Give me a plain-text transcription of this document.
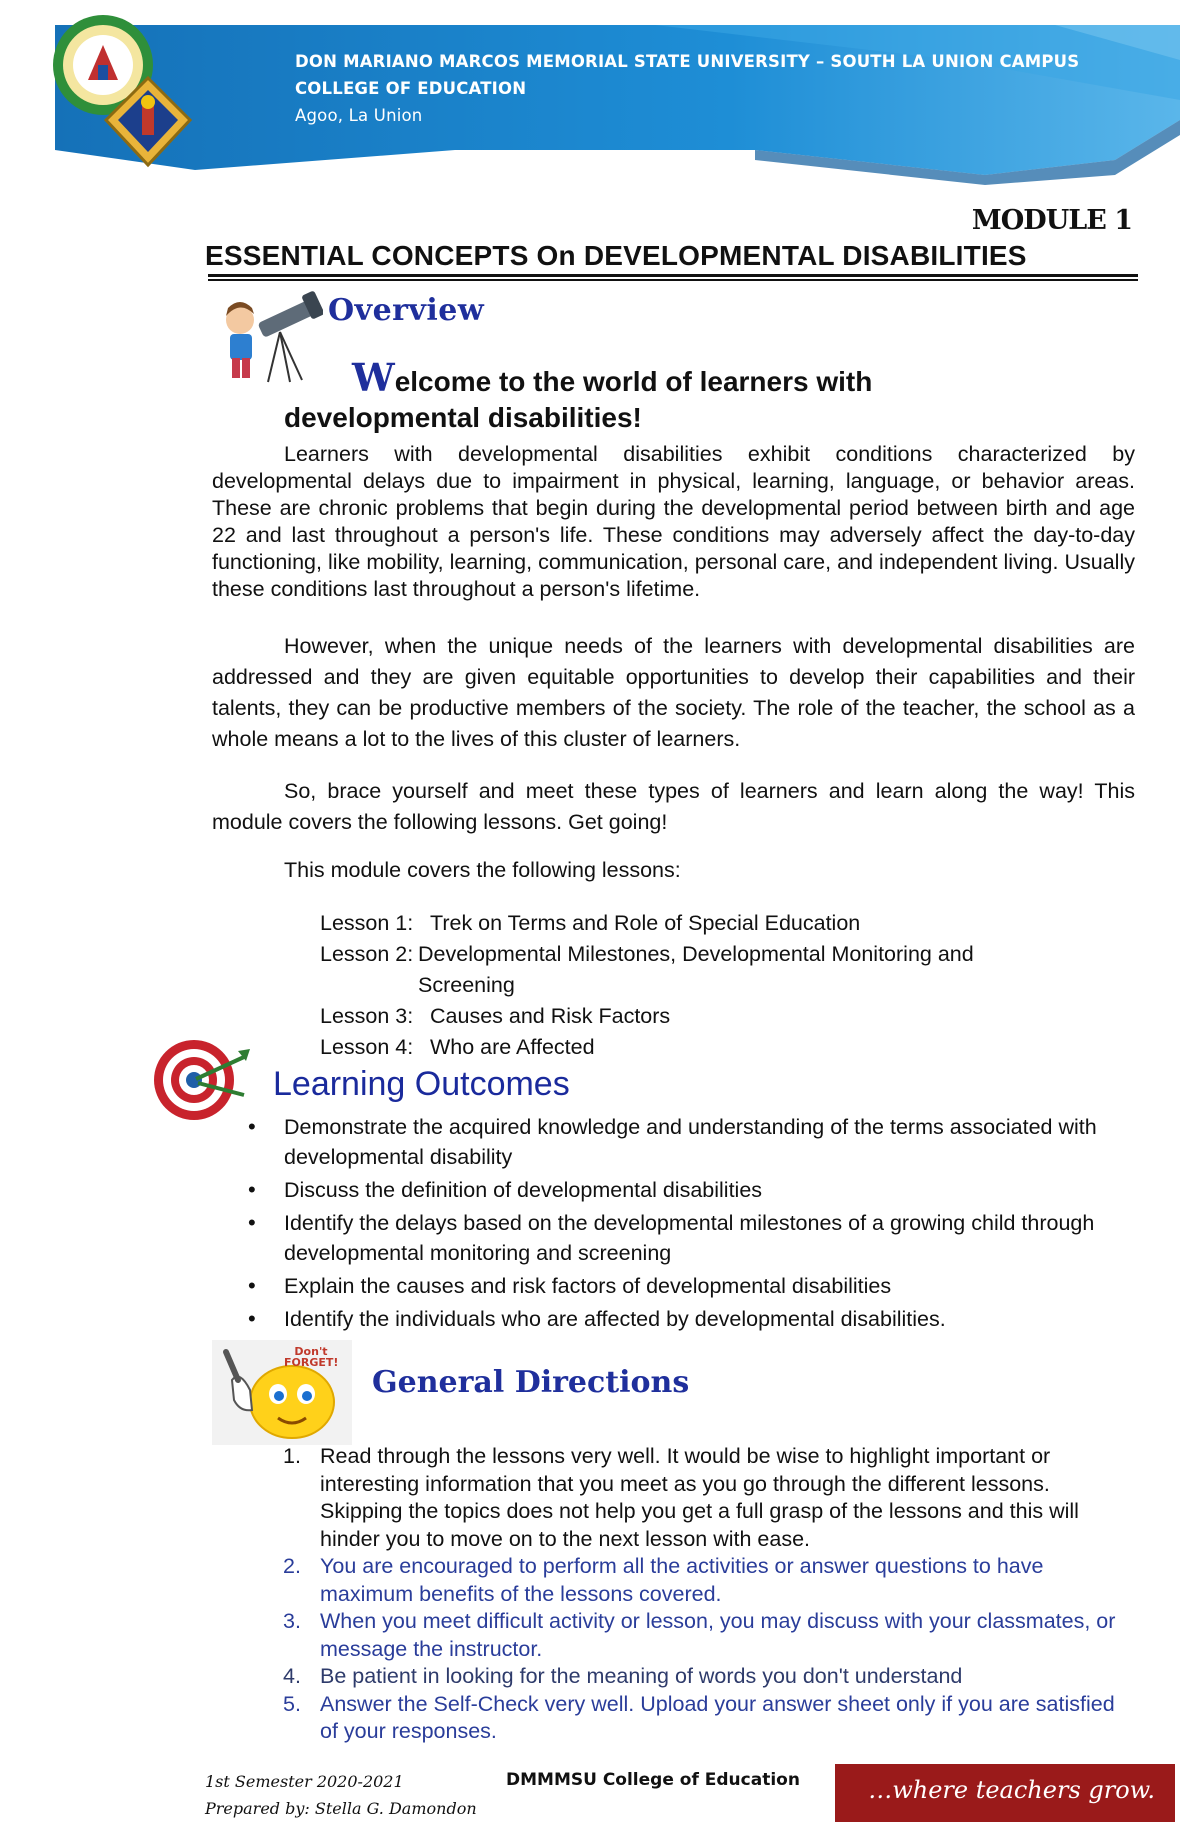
DON MARIANO MARCOS MEMORIAL STATE UNIVERSITY – SOUTH LA UNION CAMPUS
COLLEGE OF EDUCATION
Agoo, La Union
MODULE 1
ESSENTIAL CONCEPTS On DEVELOPMENTAL DISABILITIES
Overview
Welcome to the world of learners with
developmental disabilities!
Learners with developmental disabilities exhibit conditions characterized by developmental delays due to impairment in physical, learning, language, or behavior areas. These are chronic problems that begin during the developmental period between birth and age 22 and last throughout a person's life. These conditions may adversely affect the day-to-day functioning, like mobility, learning, communication, personal care, and independent living. Usually these conditions last throughout a person's lifetime.
However, when the unique needs of the learners with developmental disabilities are addressed and they are given equitable opportunities to develop their capabilities and their talents, they can be productive members of the society. The role of the teacher, the school as a whole means a lot to the lives of this cluster of learners.
So, brace yourself and meet these types of learners and learn along the way! This module covers the following lessons. Get going!
This module covers the following lessons:
Lesson 1: Trek on Terms and Role of Special Education
Lesson 2: Developmental Milestones, Developmental Monitoring and
Screening
Lesson 3: Causes and Risk Factors
Lesson 4: Who are Affected
Learning Outcomes
• Demonstrate the acquired knowledge and understanding of the terms associated with developmental disability
• Discuss the definition of developmental disabilities
• Identify the delays based on the developmental milestones of a growing child through developmental monitoring and screening
• Explain the causes and risk factors of developmental disabilities
• Identify the individuals who are affected by developmental disabilities.
Don't FORGET!
General Directions
1. Read through the lessons very well. It would be wise to highlight important or interesting information that you meet as you go through the different lessons. Skipping the topics does not help you get a full grasp of the lessons and this will hinder you to move on to the next lesson with ease.
2. You are encouraged to perform all the activities or answer questions to have maximum benefits of the lessons covered.
3. When you meet difficult activity or lesson, you may discuss with your classmates, or message the instructor.
4. Be patient in looking for the meaning of words you don't understand
5. Answer the Self-Check very well. Upload your answer sheet only if you are satisfied of your responses.
1st Semester 2020-2021
Prepared by: Stella G. Damondon
DMMMSU College of Education	…where teachers grow.
